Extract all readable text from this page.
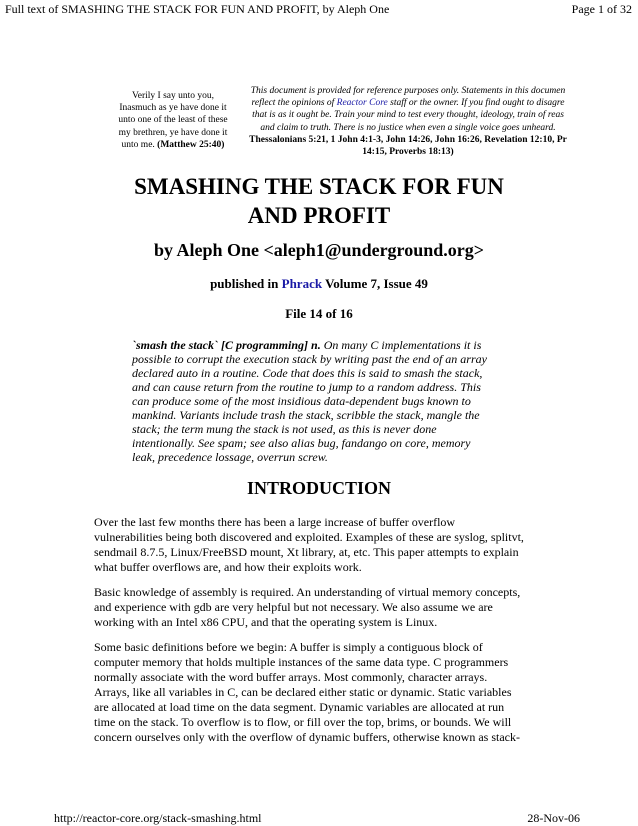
Full text of SMASHING THE STACK FOR FUN AND PROFIT, by Aleph One	Page 1 of 32
Verily I say unto you,
Inasmuch as ye have done it
unto one of the least of these
my brethren, ye have done it
unto me. (Matthew 25:40)
This document is provided for reference purposes only. Statements in this documen
reflect the opinions of Reactor Core staff or the owner. If you find ought to disagre
that is as it ought be. Train your mind to test every thought, ideology, train of reas
and claim to truth. There is no justice when even a single voice goes unheard.
Thessalonians 5:21, 1 John 4:1-3, John 14:26, John 16:26, Revelation 12:10, Pr
14:15, Proverbs 18:13)
SMASHING THE STACK FOR FUN
AND PROFIT
by Aleph One <aleph1@underground.org>
published in Phrack Volume 7, Issue 49
File 14 of 16
`smash the stack` [C programming] n. On many C implementations it is
possible to corrupt the execution stack by writing past the end of an array
declared auto in a routine. Code that does this is said to smash the stack,
and can cause return from the routine to jump to a random address. This
can produce some of the most insidious data-dependent bugs known to
mankind. Variants include trash the stack, scribble the stack, mangle the
stack; the term mung the stack is not used, as this is never done
intentionally. See spam; see also alias bug, fandango on core, memory
leak, precedence lossage, overrun screw.
INTRODUCTION
Over the last few months there has been a large increase of buffer overflow
vulnerabilities being both discovered and exploited. Examples of these are syslog, splitvt,
sendmail 8.7.5, Linux/FreeBSD mount, Xt library, at, etc. This paper attempts to explain
what buffer overflows are, and how their exploits work.
Basic knowledge of assembly is required. An understanding of virtual memory concepts,
and experience with gdb are very helpful but not necessary. We also assume we are
working with an Intel x86 CPU, and that the operating system is Linux.
Some basic definitions before we begin: A buffer is simply a contiguous block of
computer memory that holds multiple instances of the same data type. C programmers
normally associate with the word buffer arrays. Most commonly, character arrays.
Arrays, like all variables in C, can be declared either static or dynamic. Static variables
are allocated at load time on the data segment. Dynamic variables are allocated at run
time on the stack. To overflow is to flow, or fill over the top, brims, or bounds. We will
concern ourselves only with the overflow of dynamic buffers, otherwise known as stack-
http://reactor-core.org/stack-smashing.html	28-Nov-06
